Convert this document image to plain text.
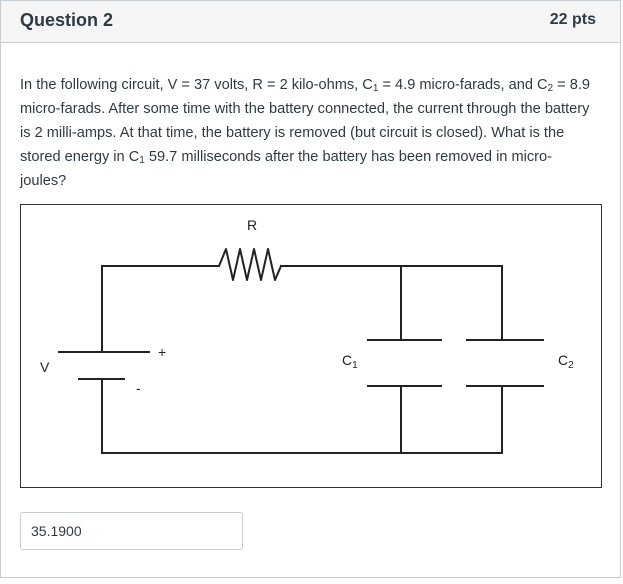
Question 2	22 pts
In the following circuit, V = 37 volts, R = 2 kilo-ohms, $C_1 = 4.9$ micro-farads, and $C_2 = 8.9$ micro-farads. After some time with the battery connected, the current through the battery is 2 milli-amps. At that time, the battery is removed (but circuit is closed). What is the stored energy in $C_1$ 59.7 milliseconds after the battery has been removed in micro-joules?
R
V
+
-
$C_1$	$C_2$
35.1900
